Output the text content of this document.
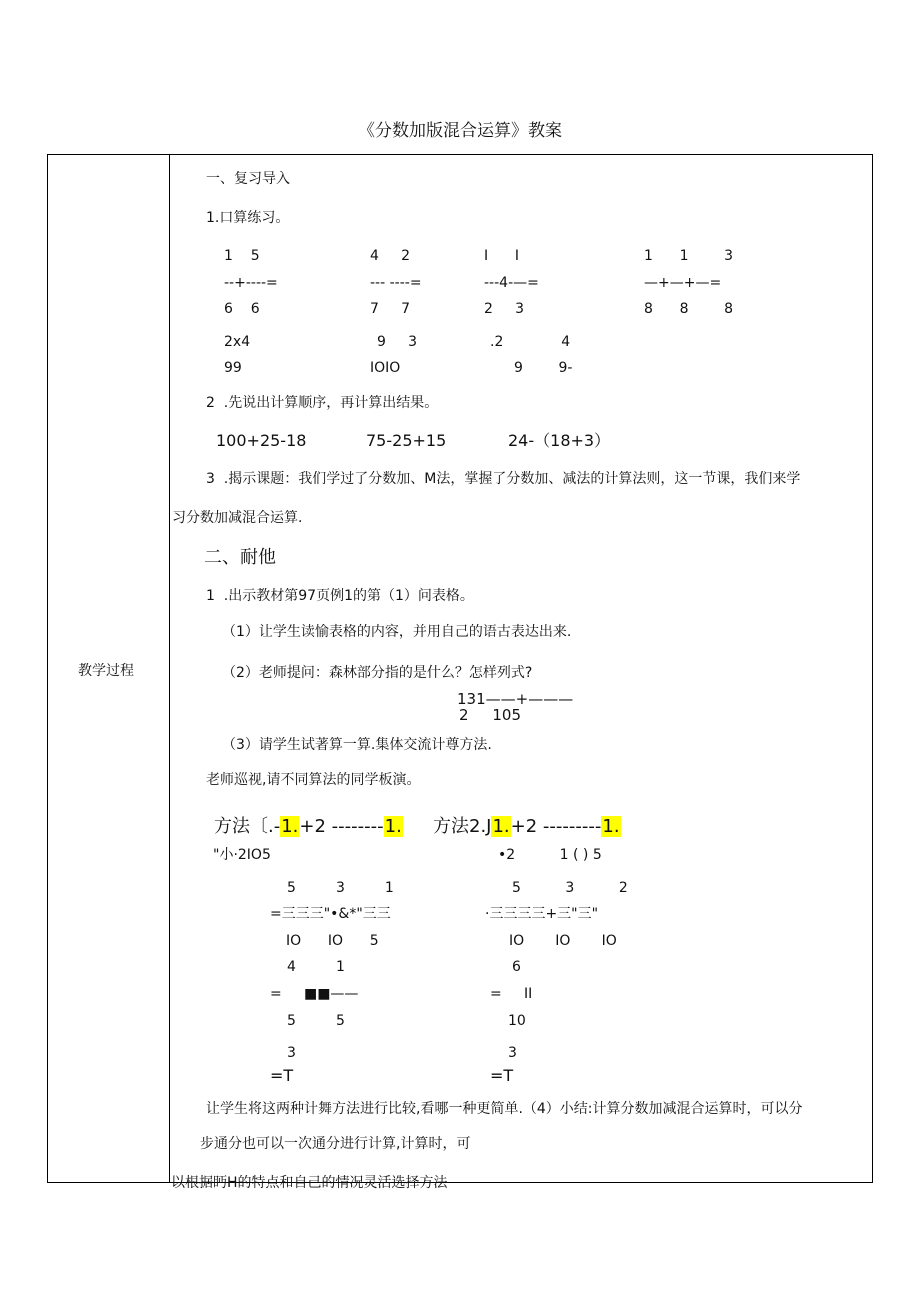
《分数加版混合运算》教案
教学过程
一、复习导入
1.口算练习。
1    5
--+----=
6    6
4     2
--- ----=
7     7
I      I
---4-—=
2     3
1      1        3
—+—+—=
8      8        8
2x4
99
9     3
IOIO
.2             4
9        9-
2  .先说出计算顺序，再计算出结果。
100+25-18	75-25+15	24-（18+3）
3  .揭示课题：我们学过了分数加、M法，掌握了分数加、减法的计算法则，这一节课，我们来学
习分数加减混合运算.
二、耐他
1  .出示教材第97页例1的第（1）问表格。
（1）让学生读愉表格的内容，并用自己的语古表达出来.
（2）老师提问：森林部分指的是什么？怎样列式?
131——+———
2     105
（3）请学生试著算一算.集体交流计尊方法.
老师巡视,请不同算法的同学板演。
方法〔.-1.+2 --------1.
"小·2IO5
5         3         1
=三三三"•&*"三三
IO      IO      5
4         1
=     ■■——
5         5
3
=T
方法2.J1.+2 ---------1.
•2          1 ( ) 5
5          3          2
·三三三三+三"三"
IO       IO       IO
6
=     II
10
3
=T
让学生将这两种计舞方法进行比较,看哪一种更简单.（4）小结:计算分数加减混合运算时，可以分
步通分也可以一次通分进行计算,计算时，可
以根据眄H的特点和自己的情况灵活选择方法
